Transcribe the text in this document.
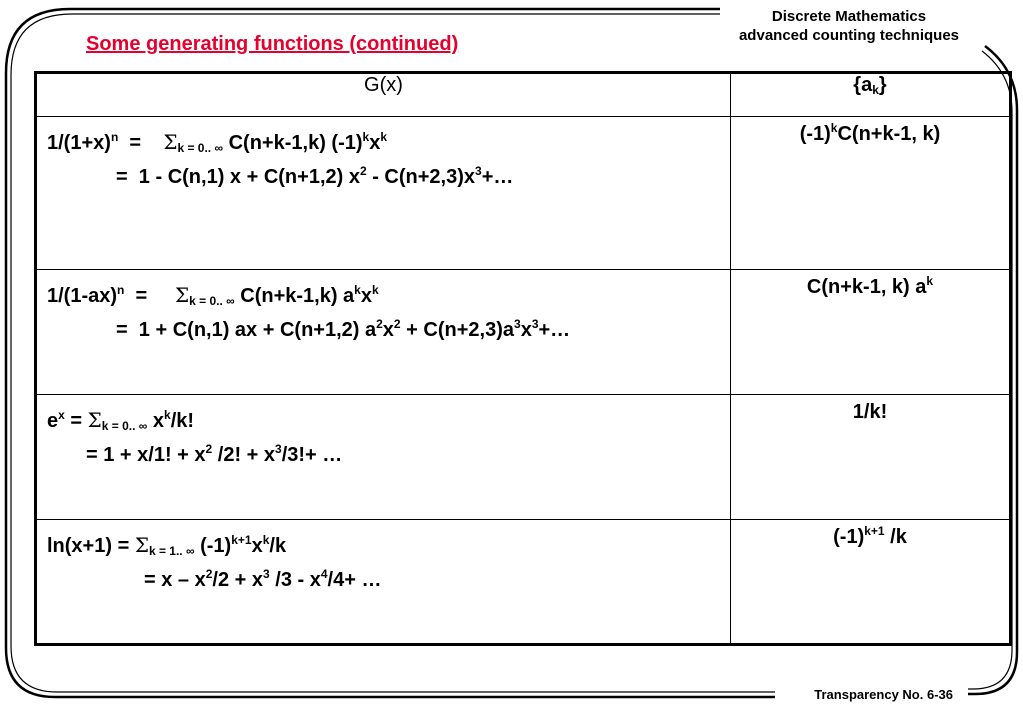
Discrete Mathematics
advanced counting techniques
Some generating functions (continued)
G(x)	$\{a_k\}$

$1/(1+x)^n$  =    $\Sigma_{k = 0.. \infty}$ C(n+k-1,k) $(-1)^kx^k$
=  1 - C(n,1) x + C(n+1,2) $x^2$ - $C(n+2,3)x^3+\dots$	$(-1)^kC(n+k-1$, k)

$1/(1-ax)^n$  =     $\Sigma_{k = 0.. \infty}$ C(n+k-1,k) $a^kx^k$
=  1 + C(n,1) ax + C(n+1,2) $a^2x^2$ + $C(n+2,3)a^3x^3+\dots$	C(n+k-1, k) $a^k$

$e^x = \Sigma_{k = 0.. \infty}$ $x^k/k$!
= 1 + x/1! + $x^2$ /2! + $x^3/3!+$ …	1/k!

$\ln(x+1) = \Sigma_{k = 1.. \infty}$ $(-1)^{k+1}x^k/k$
= $x - x^2/2 + x^3$ $/3 - x^4/4+$ …	$(-1)^{k+1}$ /k
Transparency No. 6-36
